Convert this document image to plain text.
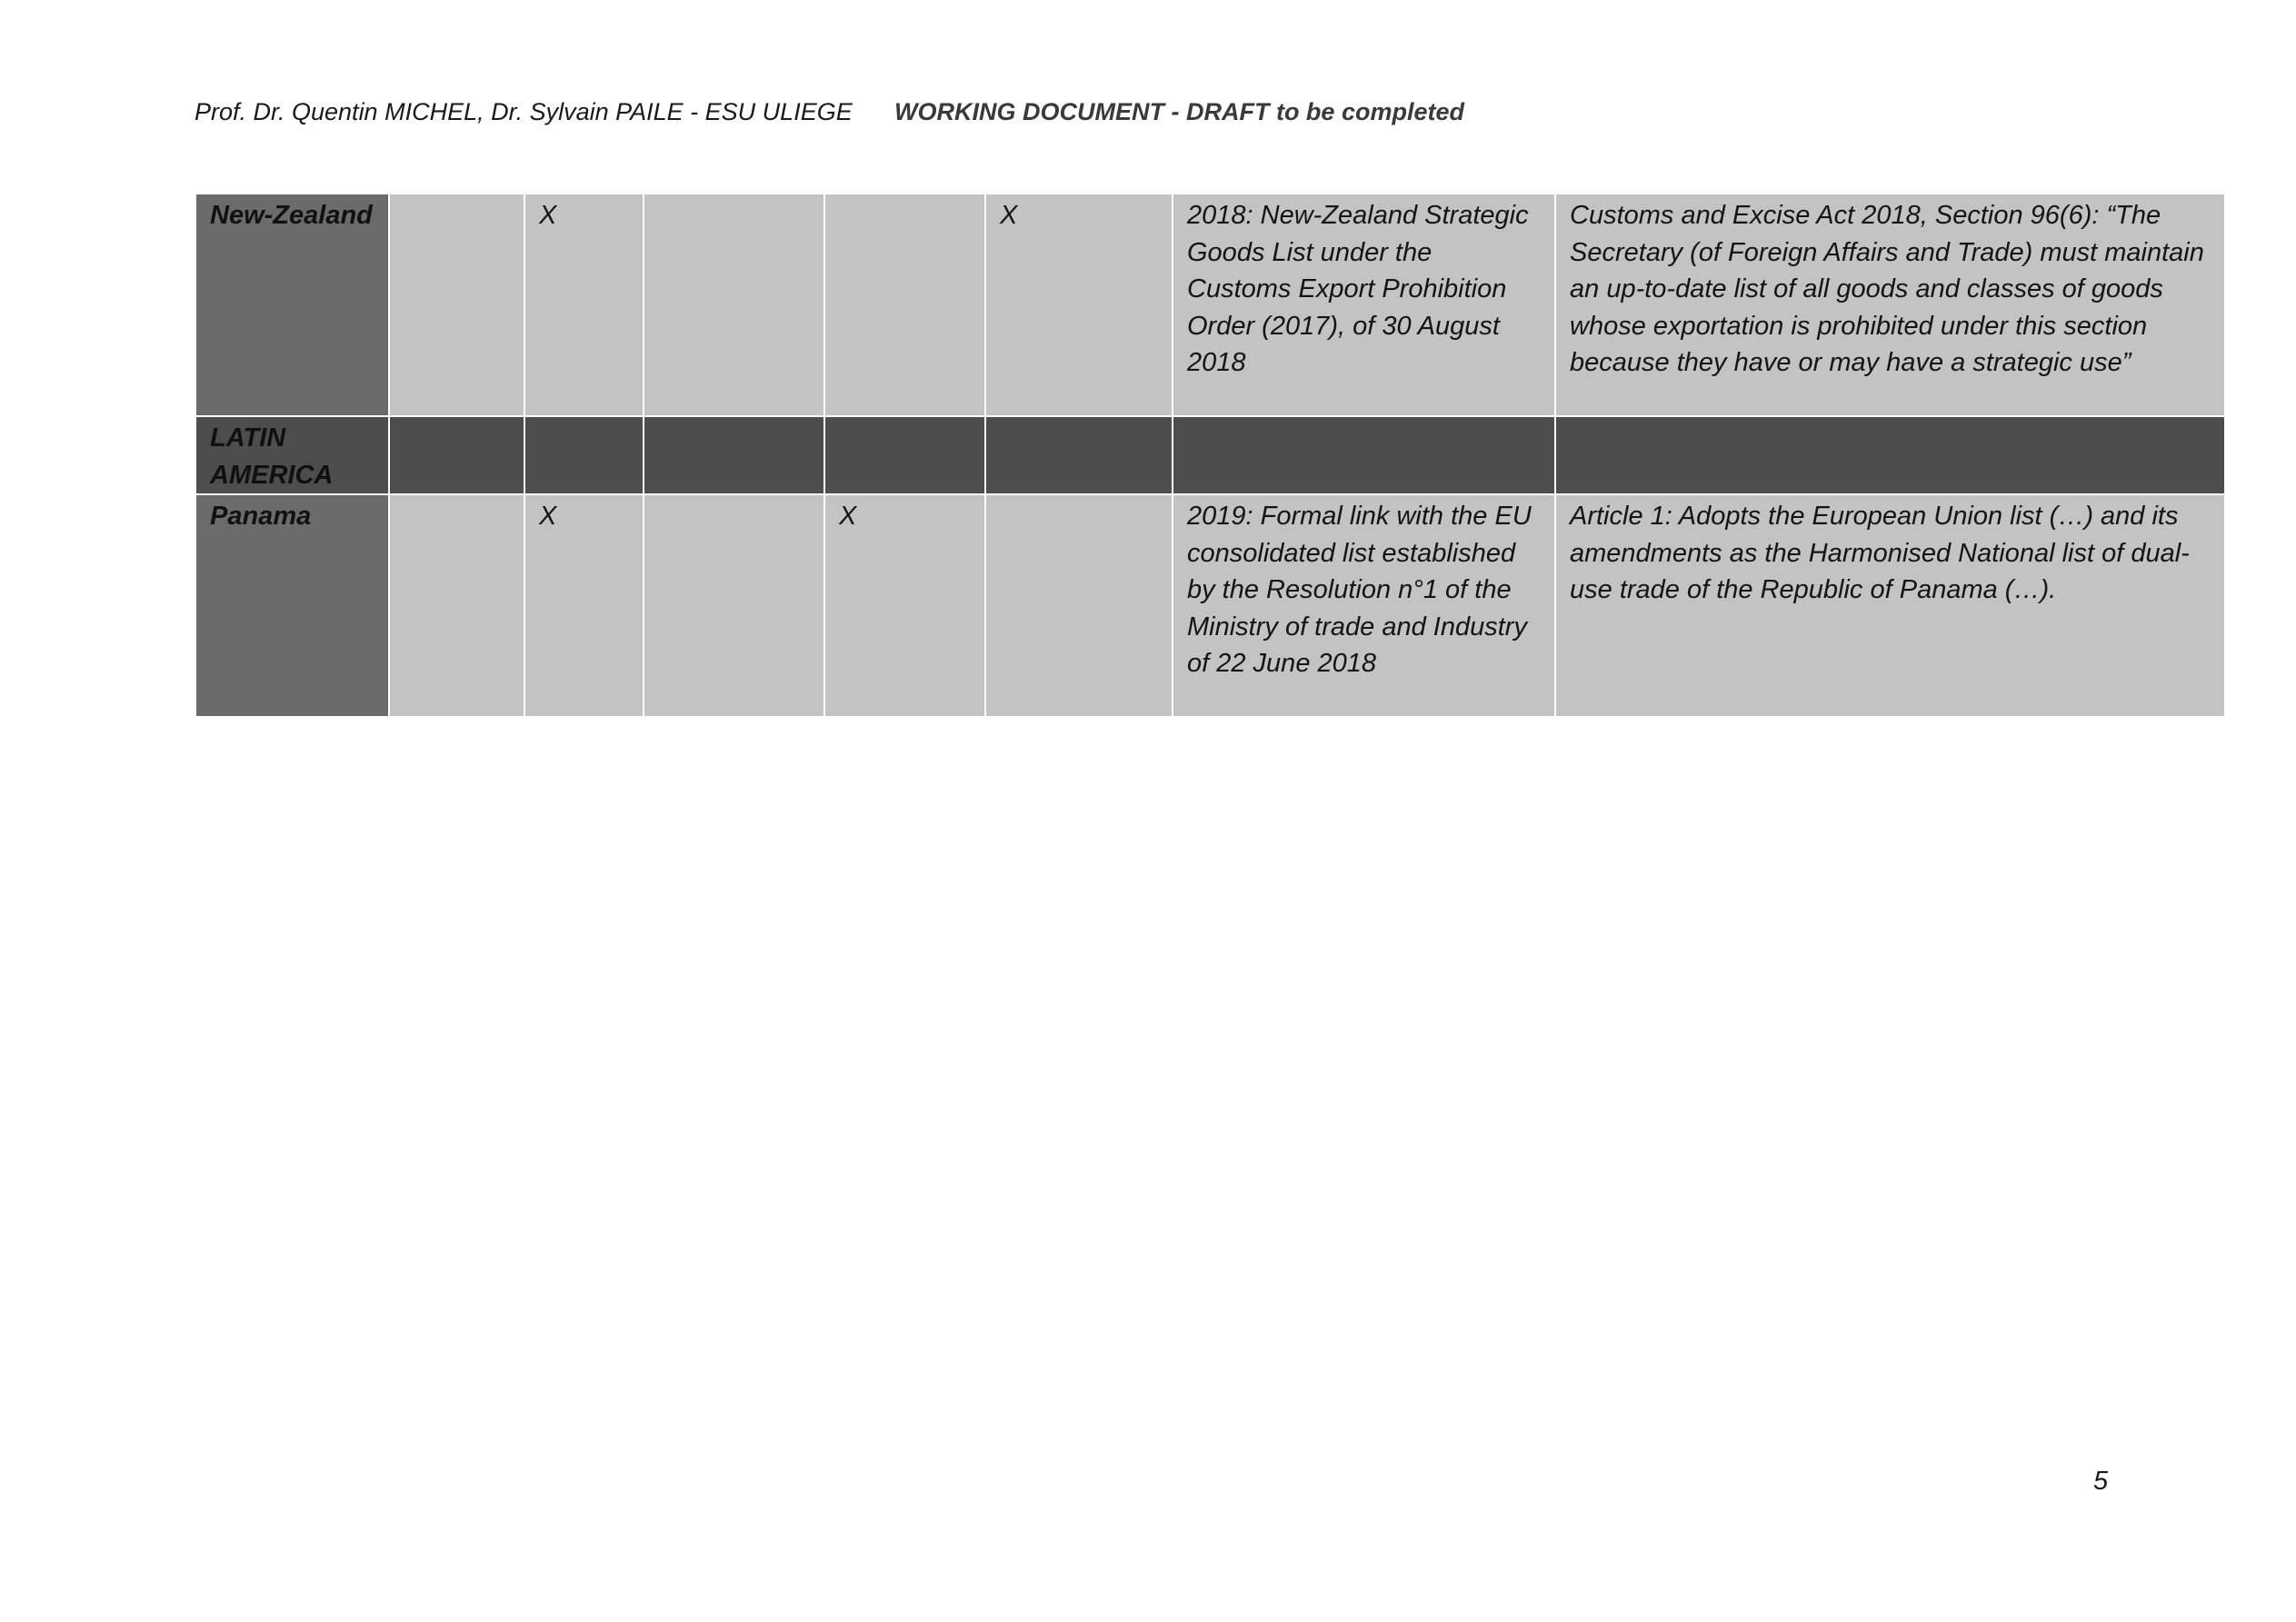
Prof. Dr. Quentin MICHEL, Dr. Sylvain PAILE - ESU ULIEGE WORKING DOCUMENT - DRAFT to be completed
New-Zealand		X			X	2018: New-Zealand Strategic Goods List under the Customs Export Prohibition Order (2017), of 30 August 2018	Customs and Excise Act 2018, Section 96(6): “The Secretary (of Foreign Affairs and Trade) must maintain an up-to-date list of all goods and classes of goods whose exportation is prohibited under this section because they have or may have a strategic use”
LATIN AMERICA							
Panama		X		X		2019: Formal link with the EU consolidated list established by the Resolution n°1 of the Ministry of trade and Industry of 22 June 2018	Article 1: Adopts the European Union list (…) and its amendments as the Harmonised National list of dual-use trade of the Republic of Panama (…).
5
